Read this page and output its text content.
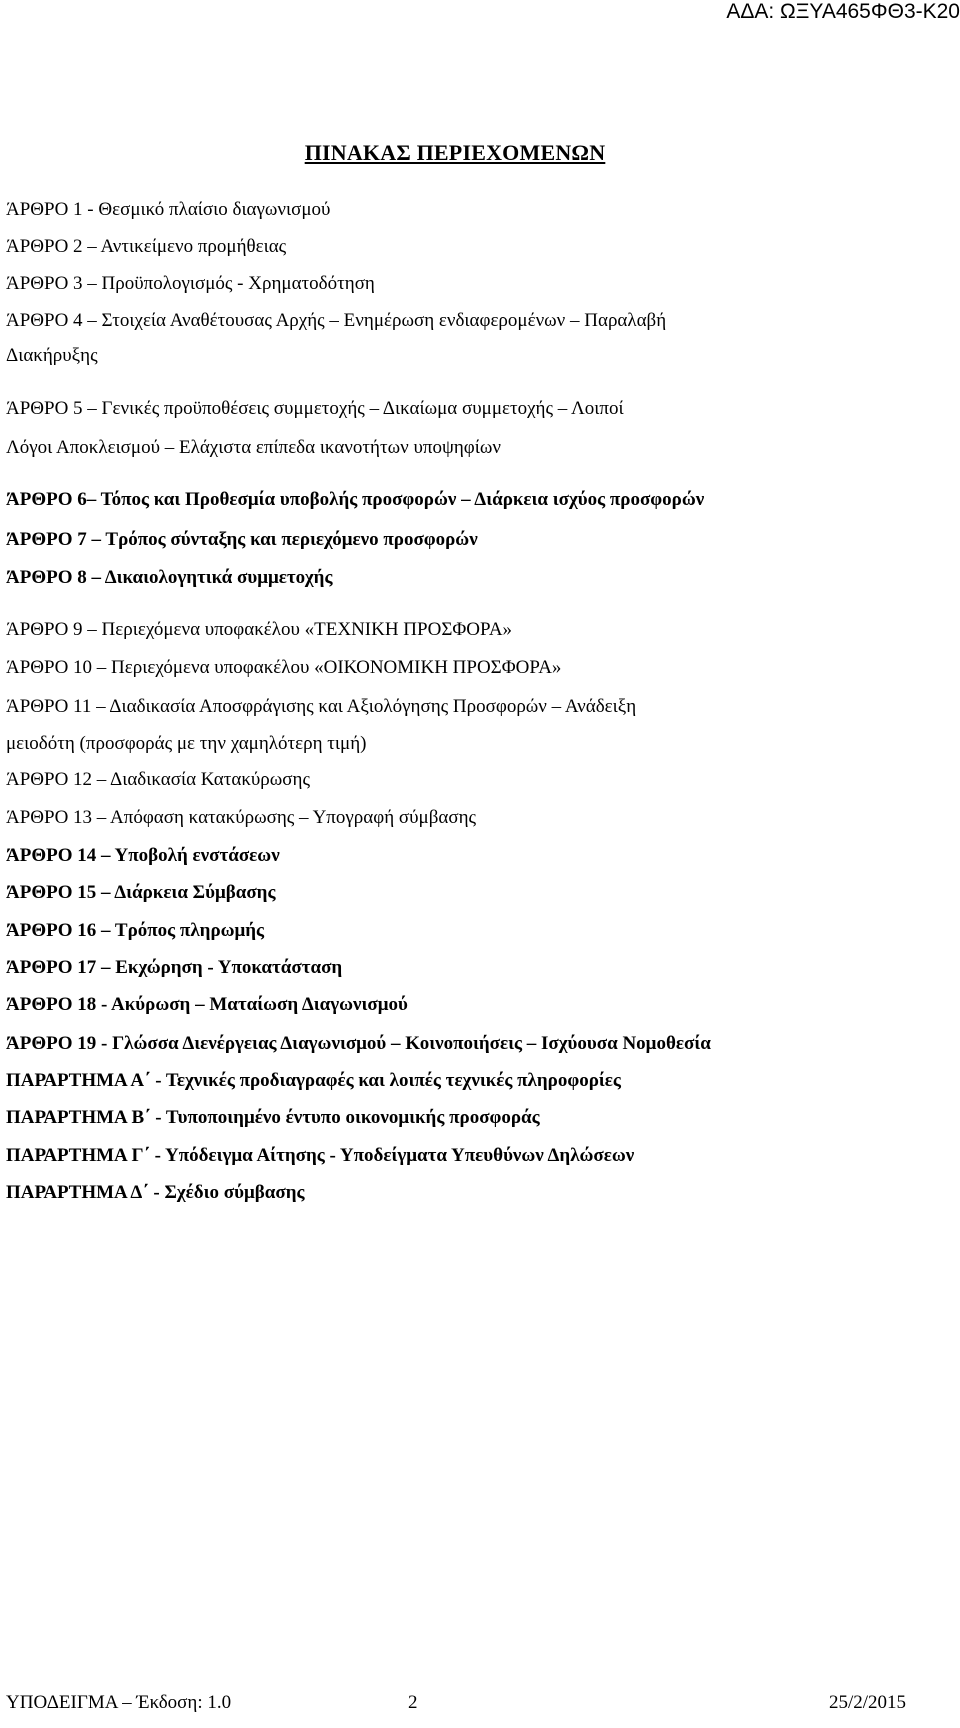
ΑΔΑ: ΩΞΥΑ465ΦΘ3-Κ20
ΠΙΝΑΚΑΣ ΠΕΡΙΕΧΟΜΕΝΩΝ
ΆΡΘΡΟ 1 - Θεσμικό πλαίσιο διαγωνισμού
ΆΡΘΡΟ 2 – Αντικείμενο προμήθειας
ΆΡΘΡΟ 3 – Προϋπολογισμός - Χρηματοδότηση
ΆΡΘΡΟ 4 – Στοιχεία Αναθέτουσας Αρχής – Ενημέρωση ενδιαφερομένων – Παραλαβή
Διακήρυξης
ΆΡΘΡΟ 5 – Γενικές προϋποθέσεις συμμετοχής – Δικαίωμα συμμετοχής – Λοιποί
Λόγοι Αποκλεισμού – Ελάχιστα επίπεδα ικανοτήτων υποψηφίων
ΆΡΘΡΟ 6– Τόπος και Προθεσμία υποβολής προσφορών – Διάρκεια ισχύος προσφορών
ΆΡΘΡΟ 7 – Τρόπος σύνταξης και περιεχόμενο προσφορών
ΆΡΘΡΟ 8 – Δικαιολογητικά συμμετοχής
ΆΡΘΡΟ 9 – Περιεχόμενα υποφακέλου «ΤΕΧΝΙΚΗ ΠΡΟΣΦΟΡΑ»
ΆΡΘΡΟ 10 – Περιεχόμενα υποφακέλου «ΟΙΚΟΝΟΜΙΚΗ ΠΡΟΣΦΟΡΑ»
ΆΡΘΡΟ 11 – Διαδικασία Αποσφράγισης και Αξιολόγησης Προσφορών – Ανάδειξη
μειοδότη (προσφοράς με την χαμηλότερη τιμή)
ΆΡΘΡΟ 12 – Διαδικασία Κατακύρωσης
ΆΡΘΡΟ 13 – Απόφαση κατακύρωσης – Υπογραφή σύμβασης
ΆΡΘΡΟ 14 – Υποβολή ενστάσεων
ΆΡΘΡΟ 15 – Διάρκεια Σύμβασης
ΆΡΘΡΟ 16 – Τρόπος πληρωμής
ΆΡΘΡΟ 17 – Εκχώρηση - Υποκατάσταση
ΆΡΘΡΟ 18 - Ακύρωση – Ματαίωση Διαγωνισμού
ΆΡΘΡΟ 19 - Γλώσσα Διενέργειας Διαγωνισμού – Κοινοποιήσεις – Ισχύουσα Νομοθεσία
ΠΑΡΑΡΤΗΜΑ Α΄ - Τεχνικές προδιαγραφές και λοιπές τεχνικές πληροφορίες
ΠΑΡΑΡΤΗΜΑ Β΄ - Τυποποιημένο έντυπο οικονομικής προσφοράς
ΠΑΡΑΡΤΗΜΑ Γ΄ - Υπόδειγμα Αίτησης - Υποδείγματα Υπευθύνων Δηλώσεων
ΠΑΡΑΡΤΗΜΑ Δ΄ - Σχέδιο σύμβασης
ΥΠΟΔΕΙΓΜΑ – Έκδοση: 1.0	2	25/2/2015
